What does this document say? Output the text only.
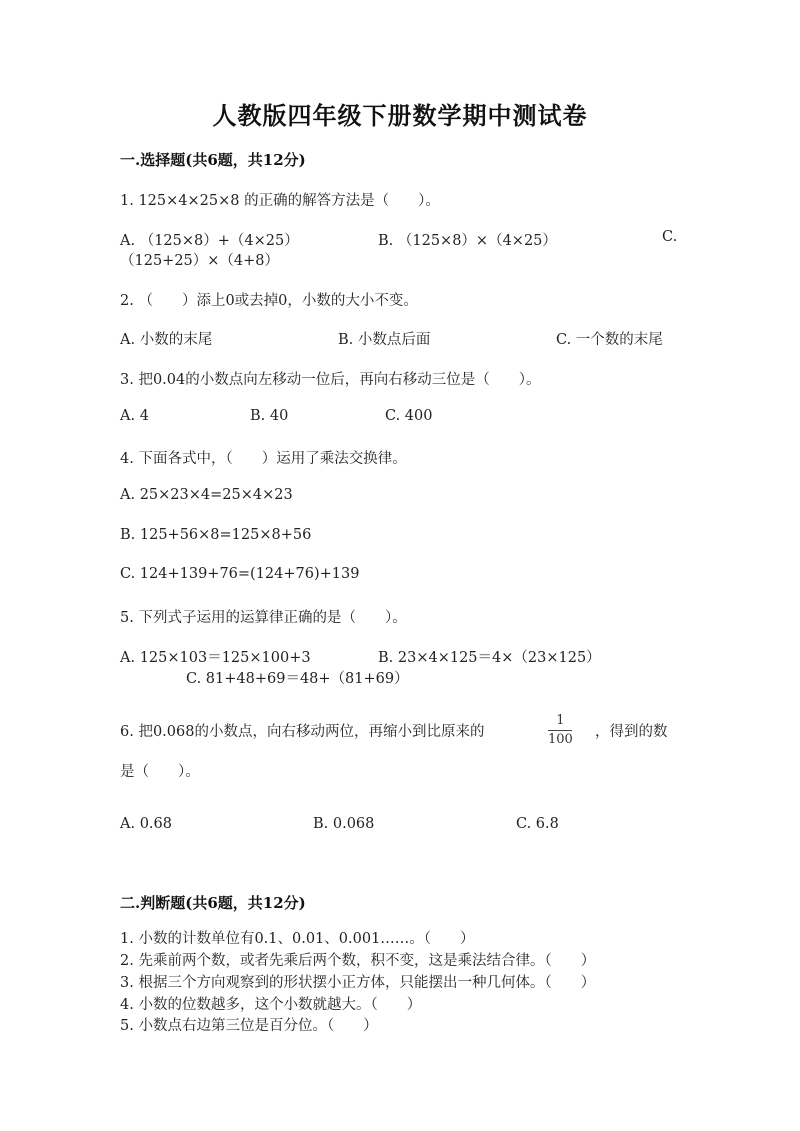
人教版四年级下册数学期中测试卷
一.选择题(共6题，共12分)
1. 125×4×25×8 的正确的解答方法是（　　）。
A. （125×8）+（4×25）	B. （125×8）×（4×25）	C.
（125+25）×（4+8）
2. （　　）添上0或去掉0，小数的大小不变。
A. 小数的末尾	B. 小数点后面	C. 一个数的末尾
3. 把0.04的小数点向左移动一位后，再向右移动三位是（　　）。
A. 4	B. 40	C. 400
4. 下面各式中，（　　）运用了乘法交换律。
A. 25×23×4=25×4×23
B. 125+56×8=125×8+56
C. 124+139+76=(124+76)+139
5. 下列式子运用的运算律正确的是（　　）。
A. 125×103＝125×100+3	B. 23×4×125＝4×（23×125）
C. 81+48+69＝48+（81+69）
6. 把0.068的小数点，向右移动两位，再缩小到比原来的
1
100 ，得到的数
是（　　）。
A. 0.68	B. 0.068	C. 6.8
二.判断题(共6题，共12分)
1. 小数的计数单位有0.1、0.01、0.001……。（　　）
2. 先乘前两个数，或者先乘后两个数，积不变，这是乘法结合律。（　　）
3. 根据三个方向观察到的形状摆小正方体，只能摆出一种几何体。（　　）
4. 小数的位数越多，这个小数就越大。（　　）
5. 小数点右边第三位是百分位。（　　）
